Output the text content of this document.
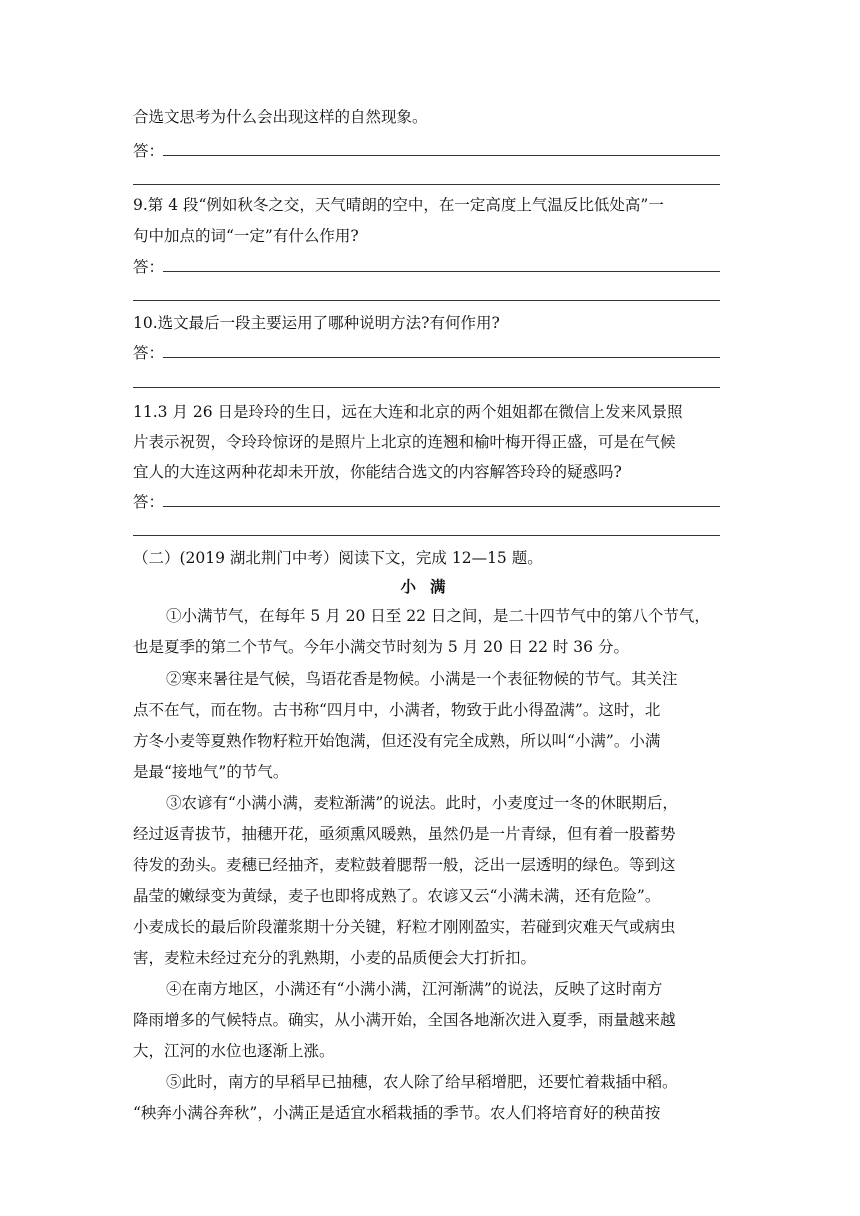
合选文思考为什么会出现这样的自然现象。
答：
9.第 4 段“例如秋冬之交，天气晴朗的空中，在一定高度上气温反比低处高”一
句中加点的词“一定”有什么作用?
答：
10.选文最后一段主要运用了哪种说明方法?有何作用?
答：
11.3 月 26 日是玲玲的生日，远在大连和北京的两个姐姐都在微信上发来风景照
片表示祝贺，令玲玲惊讶的是照片上北京的连翘和榆叶梅开得正盛，可是在气候
宜人的大连这两种花却未开放，你能结合选文的内容解答玲玲的疑惑吗?
答：
（二）(2019 湖北荆门中考）阅读下文，完成 12—15 题。
小满
①小满节气，在每年 5 月 20 日至 22 日之间，是二十四节气中的第八个节气，
也是夏季的第二个节气。今年小满交节时刻为 5 月 20 日 22 时 36 分。
②寒来暑往是气候，鸟语花香是物候。小满是一个表征物候的节气。其关注
点不在气，而在物。古书称“四月中，小满者，物致于此小得盈满”。这时，北
方冬小麦等夏熟作物籽粒开始饱满，但还没有完全成熟，所以叫“小满”。小满
是最“接地气”的节气。
③农谚有“小满小满，麦粒渐满”的说法。此时，小麦度过一冬的休眠期后，
经过返青拔节，抽穗开花，亟须熏风暖熟，虽然仍是一片青绿，但有着一股蓄势
待发的劲头。麦穗已经抽齐，麦粒鼓着腮帮一般，泛出一层透明的绿色。等到这
晶莹的嫩绿变为黄绿，麦子也即将成熟了。农谚又云“小满未满，还有危险”。
小麦成长的最后阶段灌浆期十分关键，籽粒才刚刚盈实，若碰到灾难天气或病虫
害，麦粒未经过充分的乳熟期，小麦的品质便会大打折扣。
④在南方地区，小满还有“小满小满，江河渐满”的说法，反映了这时南方
降雨增多的气候特点。确实，从小满开始，全国各地渐次进入夏季，雨量越来越
大，江河的水位也逐渐上涨。
⑤此时，南方的早稻早已抽穗，农人除了给早稻增肥，还要忙着栽插中稻。
“秧奔小满谷奔秋”，小满正是适宜水稻栽插的季节。农人们将培育好的秧苗按
